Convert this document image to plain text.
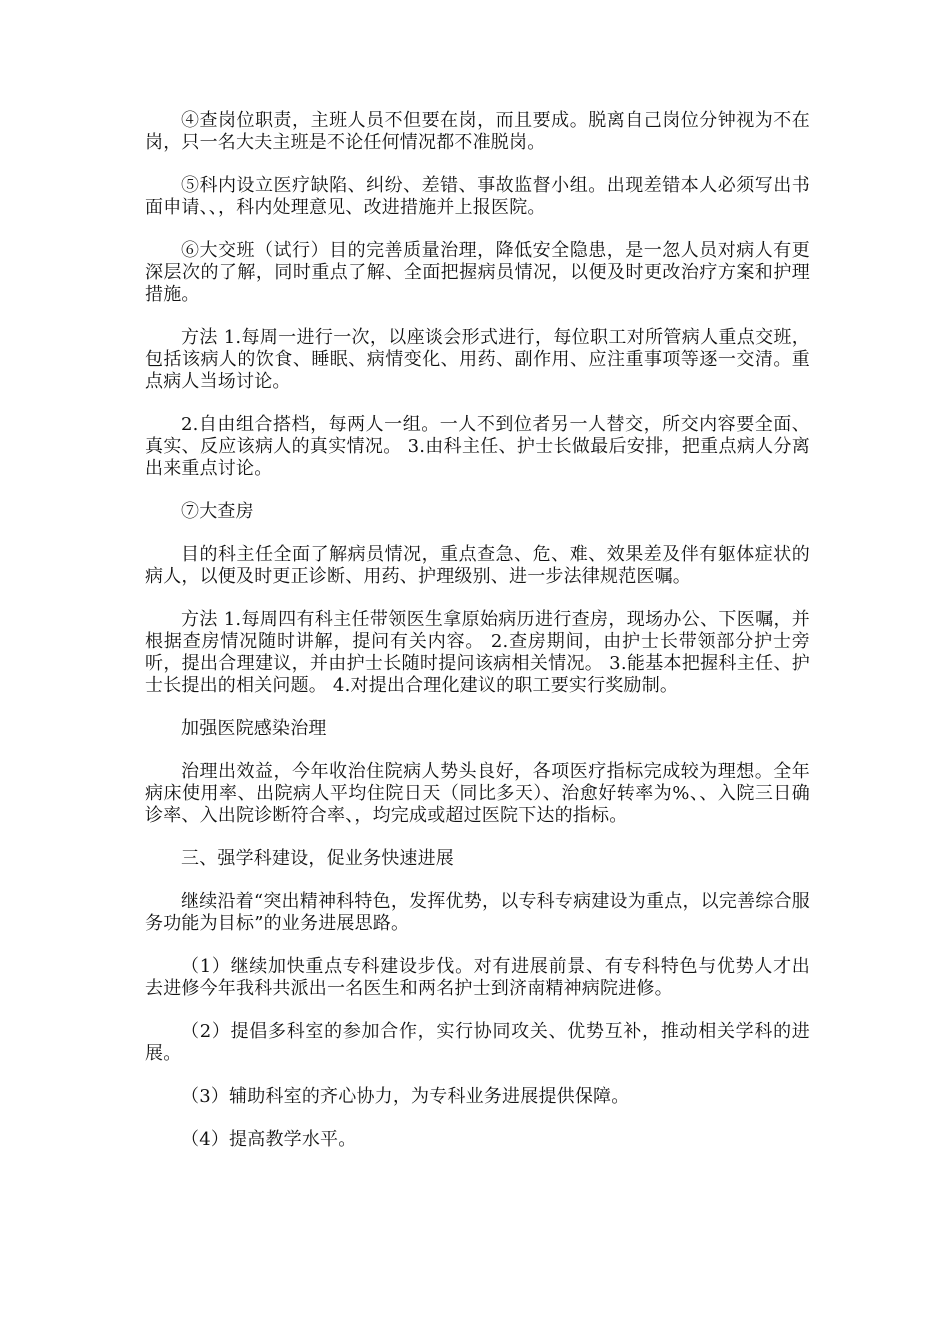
④查岗位职责，主班人员不但要在岗，而且要成。脱离自己岗位分钟视为不在岗，只一名大夫主班是不论任何情况都不准脱岗。

⑤科内设立医疗缺陷、纠纷、差错、事故监督小组。出现差错本人必须写出书面申请、、，科内处理意见、改进措施并上报医院。

⑥大交班（试行）目的完善质量治理，降低安全隐患，是一忽人员对病人有更深层次的了解，同时重点了解、全面把握病员情况，以便及时更改治疗方案和护理措施。

方法 1.每周一进行一次，以座谈会形式进行，每位职工对所管病人重点交班，包括该病人的饮食、睡眠、病情变化、用药、副作用、应注重事项等逐一交清。重点病人当场讨论。

2.自由组合搭档，每两人一组。一人不到位者另一人替交，所交内容要全面、真实、反应该病人的真实情况。 3.由科主任、护士长做最后安排，把重点病人分离出来重点讨论。

⑦大查房

目的科主任全面了解病员情况，重点查急、危、难、效果差及伴有躯体症状的病人，以便及时更正诊断、用药、护理级别、进一步法律规范医嘱。

方法 1.每周四有科主任带领医生拿原始病历进行查房，现场办公、下医嘱，并根据查房情况随时讲解，提问有关内容。 2.查房期间，由护士长带领部分护士旁听，提出合理建议，并由护士长随时提问该病相关情况。 3.能基本把握科主任、护士长提出的相关问题。 4.对提出合理化建议的职工要实行奖励制。

加强医院感染治理

治理出效益，今年收治住院病人势头良好，各项医疗指标完成较为理想。全年病床使用率、出院病人平均住院日天（同比多天）、治愈好转率为%、、入院三日确诊率、入出院诊断符合率、，均完成或超过医院下达的指标。

三、强学科建设，促业务快速进展

继续沿着“突出精神科特色，发挥优势，以专科专病建设为重点，以完善综合服务功能为目标”的业务进展思路。

（1）继续加快重点专科建设步伐。对有进展前景、有专科特色与优势人才出去进修今年我科共派出一名医生和两名护士到济南精神病院进修。

（2）提倡多科室的参加合作，实行协同攻关、优势互补，推动相关学科的进展。

（3）辅助科室的齐心协力，为专科业务进展提供保障。

（4）提高教学水平。
